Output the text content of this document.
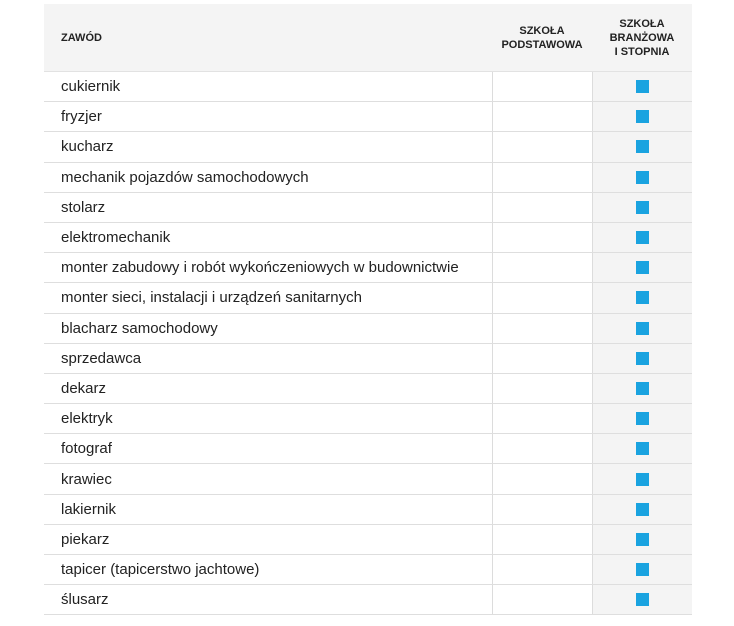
ZAWÓD
SZKOŁA
PODSTAWOWA
SZKOŁA
BRANŻOWA
I STOPNIA
cukiernik
fryzjer
kucharz
mechanik pojazdów samochodowych
stolarz
elektromechanik
monter zabudowy i robót wykończeniowych w budownictwie
monter sieci, instalacji i urządzeń sanitarnych
blacharz samochodowy
sprzedawca
dekarz
elektryk
fotograf
krawiec
lakiernik
piekarz
tapicer (tapicerstwo jachtowe)
ślusarz
